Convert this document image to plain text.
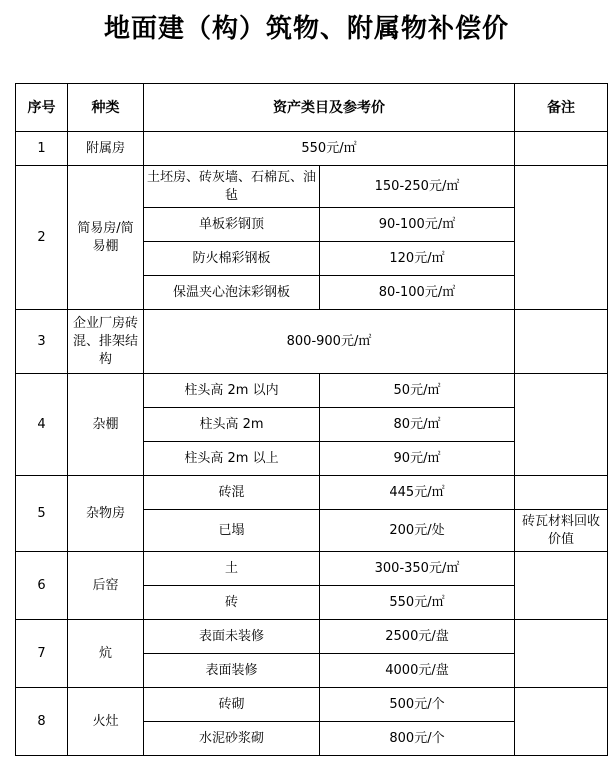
地面建（构）筑物、附属物补偿价
序号	种类	资产类目及参考价		备注
1	附属房	550元/㎡		
2	简易房/简易棚	土坯房、砖灰墙、石棉瓦、油毡	150-250元/㎡	
		单板彩钢顶	90-100元/㎡	
		防火棉彩钢板	120元/㎡	
		保温夹心泡沫彩钢板	80-100元/㎡	
3	企业厂房砖混、排架结构	800-900元/㎡		
4	杂棚	柱头高 2m 以内	50元/㎡	
		柱头高 2m	80元/㎡	
		柱头高 2m 以上	90元/㎡	
5	杂物房	砖混	445元/㎡	
		已塌	200元/处	砖瓦材料回收价值
6	后窑	土	300-350元/㎡	
		砖	550元/㎡	
7	炕	表面未装修	2500元/盘	
		表面装修	4000元/盘	
8	火灶	砖砌	500元/个	
		水泥砂浆砌	800元/个	
